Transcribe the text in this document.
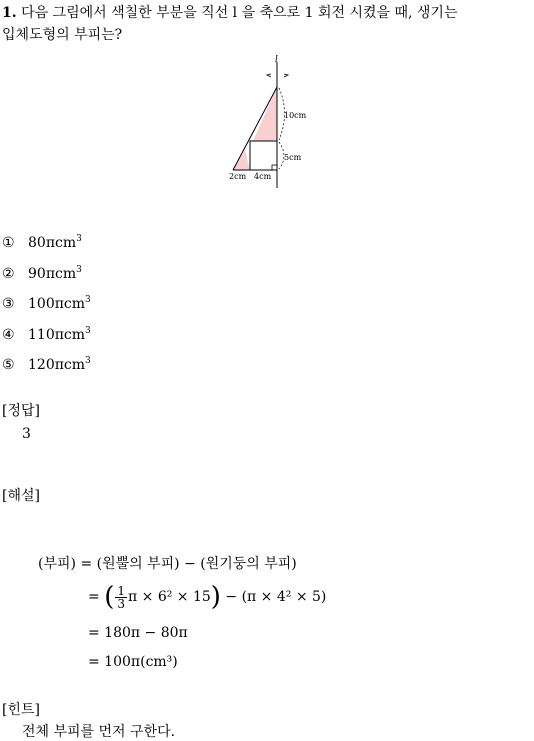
1. 다음 그림에서 색칠한 부분을 직선 l 을 축으로 1 회전 시켰을 때, 생기는
입체도형의 부피는?
l
10cm
5cm
2cm 4cm
① 80πcm$^3$
② 90πcm$^3$
③ 100πcm$^3$
④ 110πcm$^3$
⑤ 120πcm$^3$
[정답]
3
[해설]
(부피) = (원뿔의 부피) − (원기둥의 부피)
= ( $\frac{1}{3}$ π × 6² × 15) − (π × 4² × 5)
= 180π − 80π
= 100π(cm³)
[힌트]
전체 부피를 먼저 구한다.
